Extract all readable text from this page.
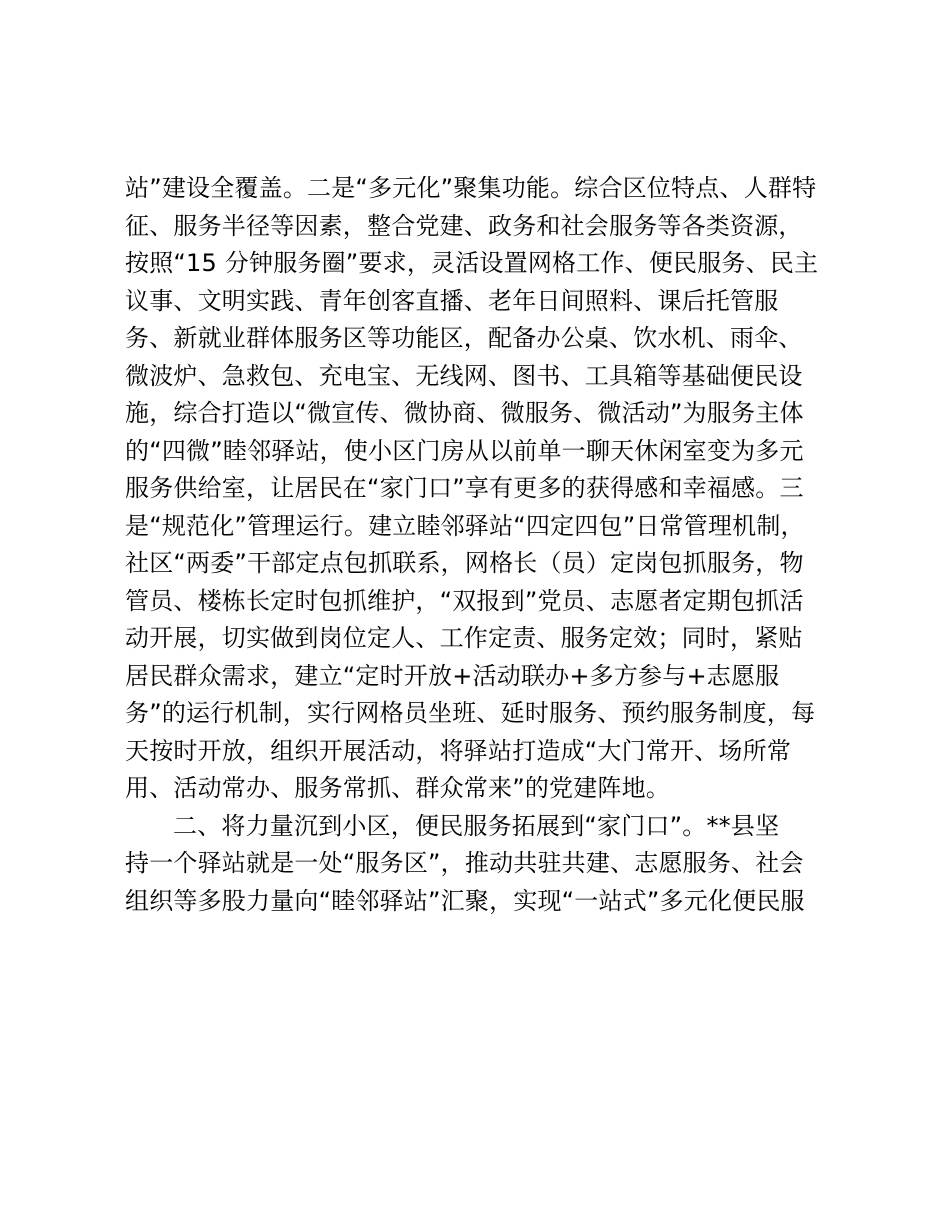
站”建设全覆盖。二是“多元化”聚集功能。综合区位特点、人群特
征、服务半径等因素，整合党建、政务和社会服务等各类资源，
按照“15 分钟服务圈”要求，灵活设置网格工作、便民服务、民主
议事、文明实践、青年创客直播、老年日间照料、课后托管服
务、新就业群体服务区等功能区，配备办公桌、饮水机、雨伞、
微波炉、急救包、充电宝、无线网、图书、工具箱等基础便民设
施，综合打造以“微宣传、微协商、微服务、微活动”为服务主体
的“四微”睦邻驿站，使小区门房从以前单一聊天休闲室变为多元
服务供给室，让居民在“家门口”享有更多的获得感和幸福感。三
是“规范化”管理运行。建立睦邻驿站“四定四包”日常管理机制，
社区“两委”干部定点包抓联系，网格长（员）定岗包抓服务，物
管员、楼栋长定时包抓维护，“双报到”党员、志愿者定期包抓活
动开展，切实做到岗位定人、工作定责、服务定效；同时，紧贴
居民群众需求，建立“定时开放+活动联办+多方参与+志愿服
务”的运行机制，实行网格员坐班、延时服务、预约服务制度，每
天按时开放，组织开展活动，将驿站打造成“大门常开、场所常
用、活动常办、服务常抓、群众常来”的党建阵地。
二、将力量沉到小区，便民服务拓展到“家门口”。**县坚
持一个驿站就是一处“服务区”，推动共驻共建、志愿服务、社会
组织等多股力量向“睦邻驿站”汇聚，实现“一站式”多元化便民服
